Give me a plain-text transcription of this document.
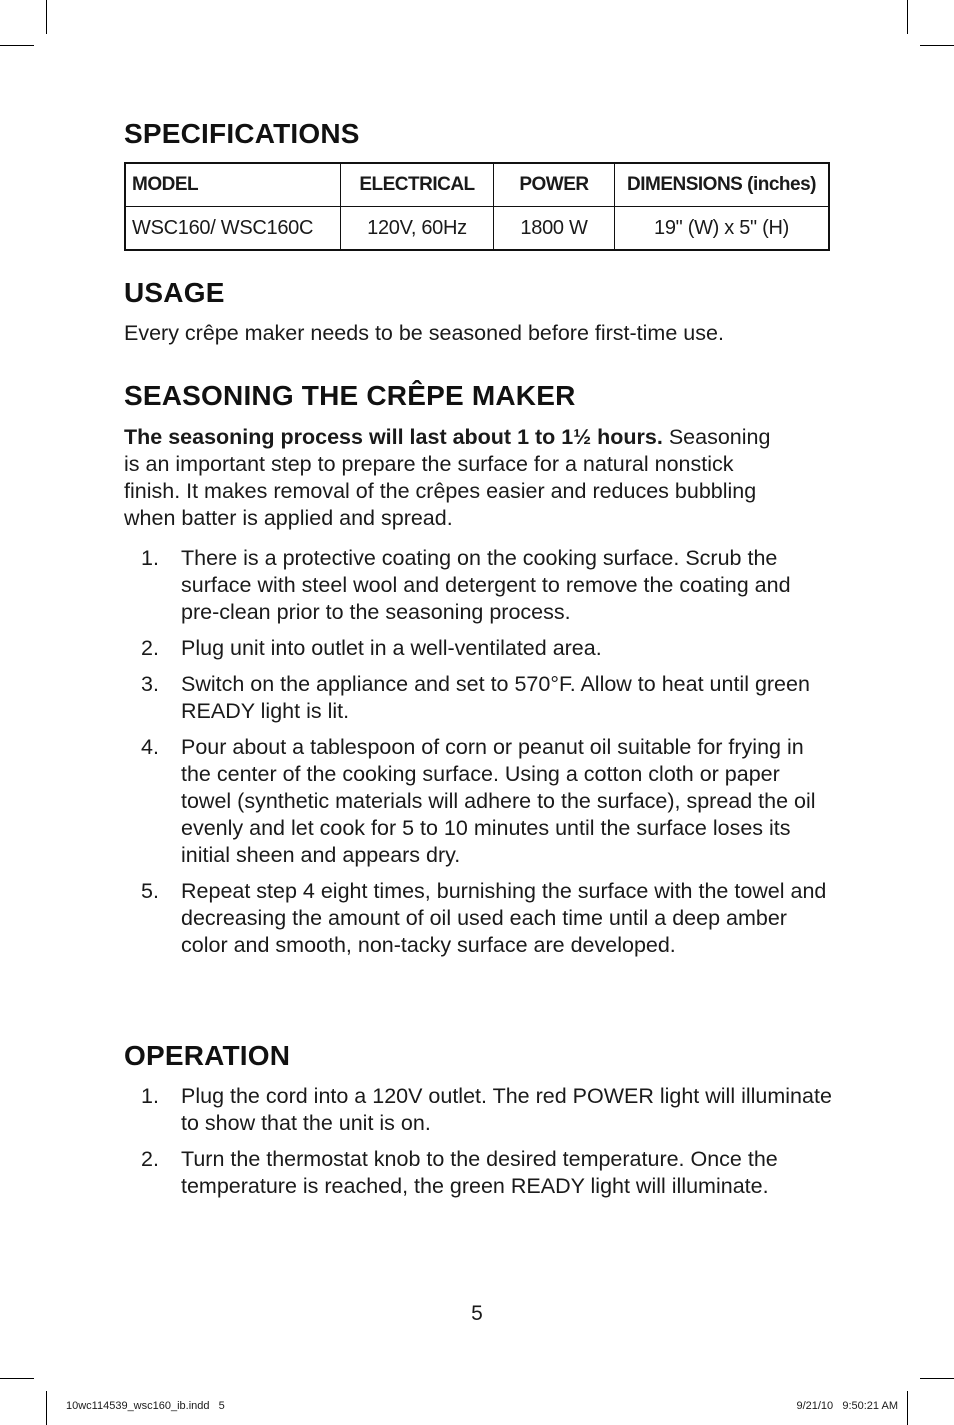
SPECIFICATIONS
MODEL	ELECTRICAL	POWER	DIMENSIONS (inches)
WSC160/ WSC160C	120V, 60Hz	1800 W	19" (W) x 5" (H)
USAGE

Every crêpe maker needs to be seasoned before first-time use.

SEASONING THE CRÊPE MAKER

The seasoning process will last about 1 to 1½ hours. Seasoning is an important step to prepare the surface for a natural nonstick finish. It makes removal of the crêpes easier and reduces bubbling when batter is applied and spread.

1. There is a protective coating on the cooking surface. Scrub the surface with steel wool and detergent to remove the coating and pre-clean prior to the seasoning process.
2. Plug unit into outlet in a well-ventilated area.
3. Switch on the appliance and set to 570°F. Allow to heat until green READY light is lit.
4. Pour about a tablespoon of corn or peanut oil suitable for frying in the center of the cooking surface. Using a cotton cloth or paper towel (synthetic materials will adhere to the surface), spread the oil evenly and let cook for 5 to 10 minutes until the surface loses its initial sheen and appears dry.
5. Repeat step 4 eight times, burnishing the surface with the towel and decreasing the amount of oil used each time until a deep amber color and smooth, non-tacky surface are developed.
OPERATION
1. Plug the cord into a 120V outlet. The red POWER light will illuminate to show that the unit is on.
2. Turn the thermostat knob to the desired temperature. Once the temperature is reached, the green READY light will illuminate.
5
10wc114539_wsc160_ib.indd   5	9/21/10   9:50:21 AM
